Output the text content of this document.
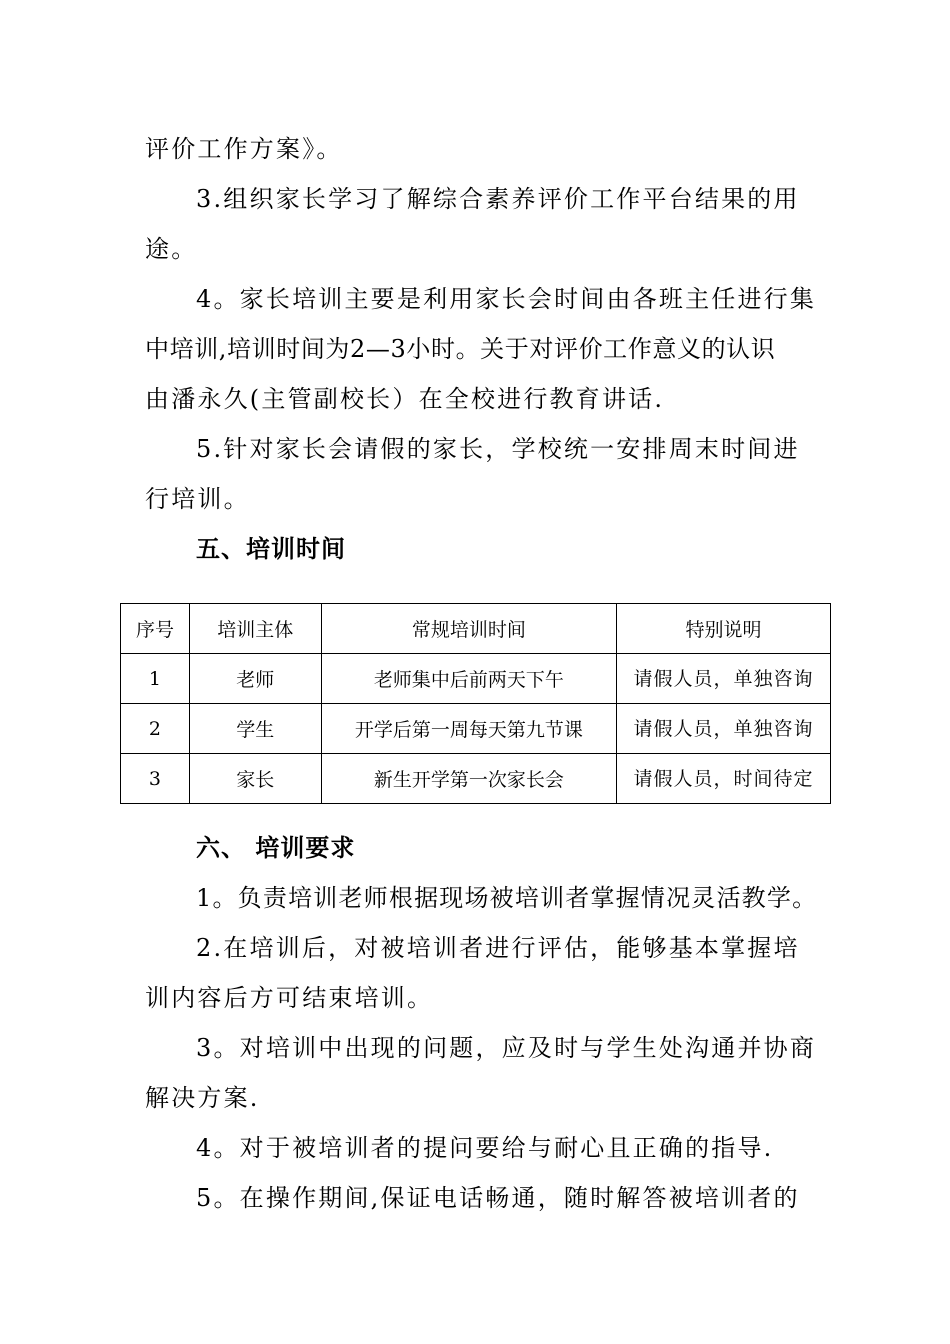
评价工作方案》。
3.组织家长学习了解综合素养评价工作平台结果的用
途。
4。家长培训主要是利用家长会时间由各班主任进行集
中培训,培训时间为2—3小时。关于对评价工作意义的认识
由潘永久(主管副校长）在全校进行教育讲话.
5.针对家长会请假的家长，学校统一安排周末时间进
行培训。
五、培训时间
序号	培训主体	常规培训时间	特别说明
1	老师	老师集中后前两天下午	请假人员，单独咨询
2	学生	开学后第一周每天第九节课	请假人员，单独咨询
3	家长	新生开学第一次家长会	请假人员，时间待定
六、 培训要求
1。负责培训老师根据现场被培训者掌握情况灵活教学。
2.在培训后，对被培训者进行评估，能够基本掌握培
训内容后方可结束培训。
3。对培训中出现的问题，应及时与学生处沟通并协商
解决方案.
4。对于被培训者的提问要给与耐心且正确的指导.
5。在操作期间,保证电话畅通，随时解答被培训者的
